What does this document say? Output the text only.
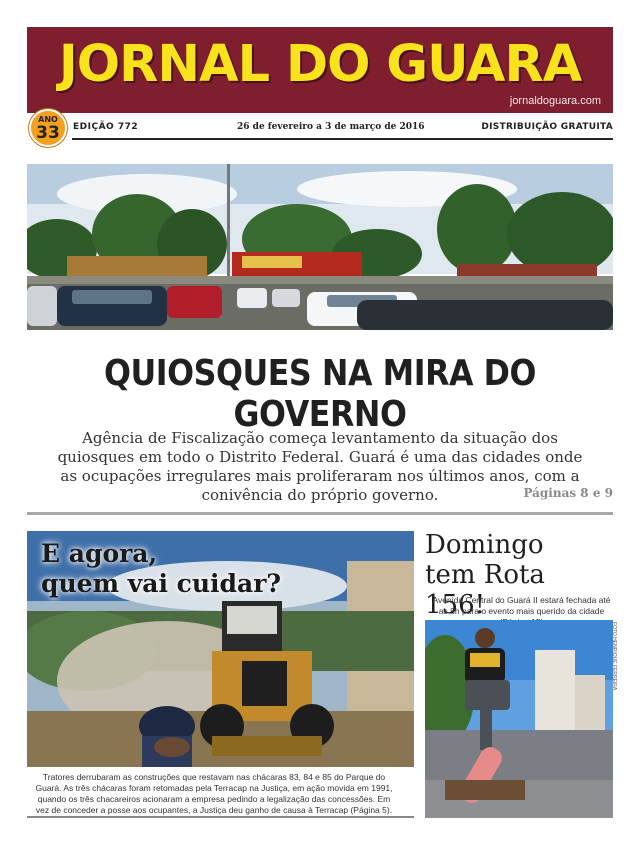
JORNAL DO GUARA
jornaldoguara.com
ANO
33	EDIÇÃO 772	26 de fevereiro a 3 de março de 2016	DISTRIBUIÇÃO GRATUITA
QUIOSQUES NA MIRA DO GOVERNO
Agência de Fiscalização começa levantamento da situação dos quiosques em todo o Distrito Federal. Guará é uma das cidades onde as ocupações irregulares mais proliferaram nos últimos anos, com a conivência do próprio governo.	Páginas 8 e 9
E agora,
quem vai cuidar?
Tratores derrubaram as construções que restavam nas chácaras 83, 84 e 85 do Parque do Guará. As três chácaras foram retomadas pela Terracap na Justiça, em ação movida em 1991, quando os três chacareiros acionaram a empresa pedindo a legalização das concessões. Em vez de conceder a posse aos ocupantes, a Justiça deu ganho de causa à Terracap (Página 5).
Domingo
tem Rota 156!
Avenida Central do Guará II estará fechada até as 8h para o evento mais querido da cidade
FOTO HENRIQUE FERREIRA
